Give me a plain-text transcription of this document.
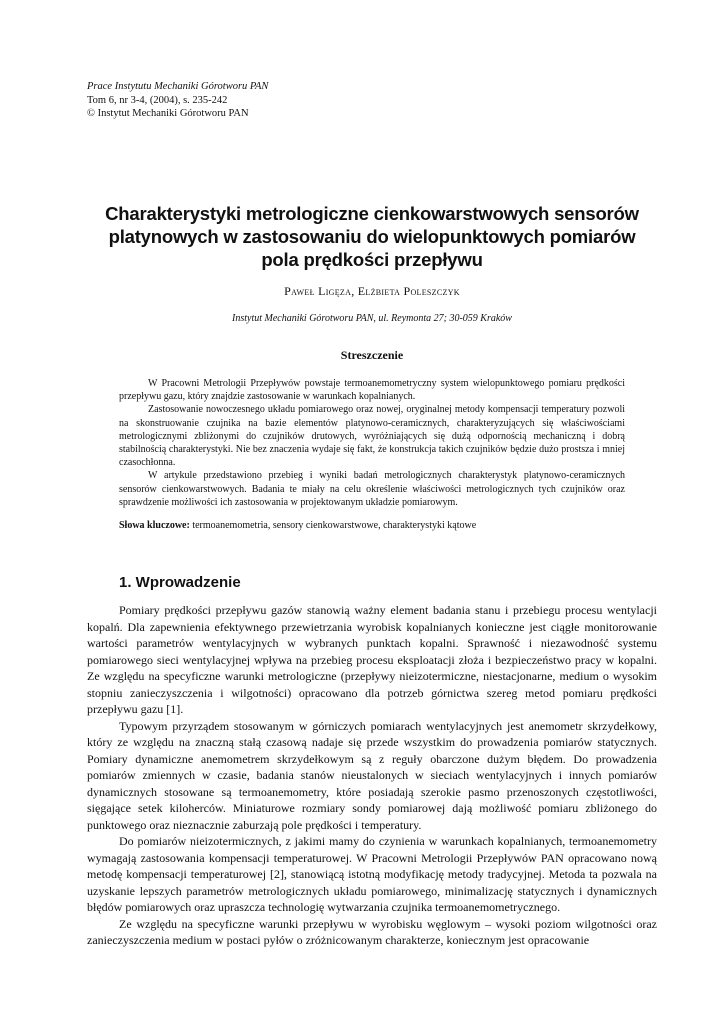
Prace Instytutu Mechaniki Górotworu PAN
Tom 6, nr 3-4, (2004), s. 235-242
© Instytut Mechaniki Górotworu PAN
Charakterystyki metrologiczne cienkowarstwowych sensorów
platynowych w zastosowaniu do wielopunktowych pomiarów
pola prędkości przepływu
Paweł Ligęza, Elżbieta Poleszczyk
Instytut Mechaniki Górotworu PAN, ul. Reymonta 27; 30-059 Kraków
Streszczenie

W Pracowni Metrologii Przepływów powstaje termoanemometryczny system wielopunktowego pomiaru prędkości przepływu gazu, który znajdzie zastosowanie w warunkach kopalnianych.

Zastosowanie nowoczesnego układu pomiarowego oraz nowej, oryginalnej metody kompensacji temperatury pozwoli na skonstruowanie czujnika na bazie elementów platynowo-ceramicznych, charakteryzujących się właściwościami metrologicznymi zbliżonymi do czujników drutowych, wyróżniających się dużą odpornością mechaniczną i dobrą stabilnością charakterystyki. Nie bez znaczenia wydaje się fakt, że konstrukcja takich czujników będzie dużo prostsza i mniej czasochłonna.

W artykule przedstawiono przebieg i wyniki badań metrologicznych charakterystyk platynowo-ceramicznych sensorów cienkowarstwowych. Badania te miały na celu określenie właściwości metrologicznych tych czujników oraz sprawdzenie możliwości ich zastosowania w projektowanym układzie pomiarowym.

Słowa kluczowe: termoanemometria, sensory cienkowarstwowe, charakterystyki kątowe
1. Wprowadzenie

Pomiary prędkości przepływu gazów stanowią ważny element badania stanu i przebiegu procesu wentylacji kopalń. Dla zapewnienia efektywnego przewietrzania wyrobisk kopalnianych konieczne jest ciągłe monitorowanie wartości parametrów wentylacyjnych w wybranych punktach kopalni. Sprawność i niezawodność systemu pomiarowego sieci wentylacyjnej wpływa na przebieg procesu eksploatacji złoża i bezpieczeństwo pracy w kopalni. Ze względu na specyficzne warunki metrologiczne (przepływy nieizotermiczne, niestacjonarne, medium o wysokim stopniu zanieczyszczenia i wilgotności) opracowano dla potrzeb górnictwa szereg metod pomiaru prędkości przepływu gazu [1].

Typowym przyrządem stosowanym w górniczych pomiarach wentylacyjnych jest anemometr skrzydełkowy, który ze względu na znaczną stałą czasową nadaje się przede wszystkim do prowadzenia pomiarów statycznych. Pomiary dynamiczne anemometrem skrzydełkowym są z reguły obarczone dużym błędem. Do prowadzenia pomiarów zmiennych w czasie, badania stanów nieustalonych w sieciach wentylacyjnych i innych pomiarów dynamicznych stosowane są termoanemometry, które posiadają szerokie pasmo przenoszonych częstotliwości, sięgające setek kiloherców. Miniaturowe rozmiary sondy pomiarowej dają możliwość pomiaru zbliżonego do punktowego oraz nieznacznie zaburzają pole prędkości i temperatury.

Do pomiarów nieizotermicznych, z jakimi mamy do czynienia w warunkach kopalnianych, termoanemometry wymagają zastosowania kompensacji temperaturowej. W Pracowni Metrologii Przepływów PAN opracowano nową metodę kompensacji temperaturowej [2], stanowiącą istotną modyfikację metody tradycyjnej. Metoda ta pozwala na uzyskanie lepszych parametrów metrologicznych układu pomiarowego, minimalizację statycznych i dynamicznych błędów pomiarowych oraz upraszcza technologię wytwarzania czujnika termoanemometrycznego.

Ze względu na specyficzne warunki przepływu w wyrobisku węglowym – wysoki poziom wilgotności oraz zanieczyszczenia medium w postaci pyłów o zróżnicowanym charakterze, koniecznym jest opracowanie
